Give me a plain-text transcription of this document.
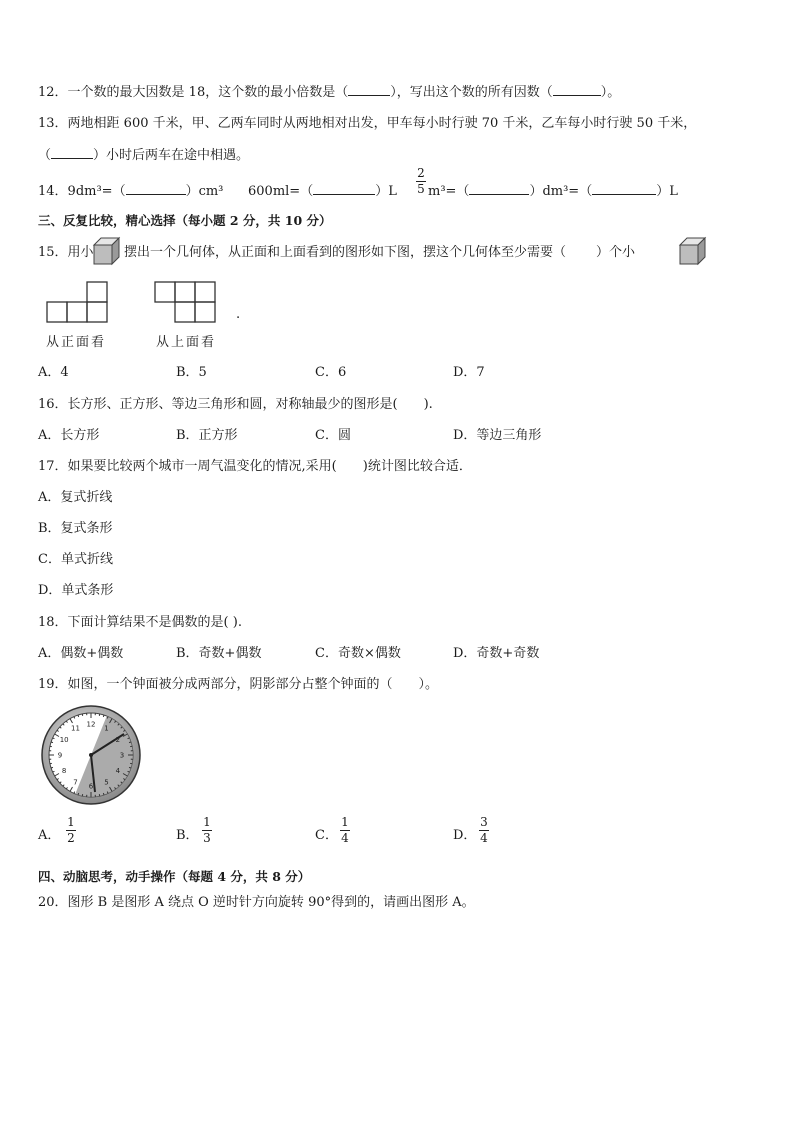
12．一个数的最大因数是 18，这个数的最小倍数是（	），写出这个数的所有因数（	）。
13．两地相距 600 千米，甲、乙两车同时从两地相对出发，甲车每小时行驶 70 千米，乙车每小时行驶 50 千米，
（	）小时后两车在途中相遇。
14．9dm³=（	）cm³ 600ml=（	）L
2
5 m³=（	）dm³=（	）L
三、反复比较，精心选择（每小题 2 分，共 10 分）
15．用小 摆出一个几何体，从正面和上面看到的图形如下图，摆这个几何体至少需要（ ）个小
从正面看	从上面看
.
A．4	B．5	C．6	D．7
16．长方形、正方形、等边三角形和圆，对称轴最少的图形是(　　).
A．长方形	B．正方形	C．圆	D．等边三角形
17．如果要比较两个城市一周气温变化的情况,采用(　　)统计图比较合适．
A．复式折线
B．复式条形
C．单式折线
D．单式条形
18．下面计算结果不是偶数的是( ).
A．偶数+偶数	B．奇数+偶数	C．奇数×偶数	D．奇数+奇数
19．如图，一个钟面被分成两部分，阴影部分占整个钟面的（　　）。
12
1
2
3
4
5
6
7
8
9
10
11
A．
1
2	B．
1
3	C．
1
4	D．
3
4
四、动脑思考，动手操作（每题 4 分，共 8 分）
20．图形 B 是图形 A 绕点 O 逆时针方向旋转 90°得到的，请画出图形 A。
